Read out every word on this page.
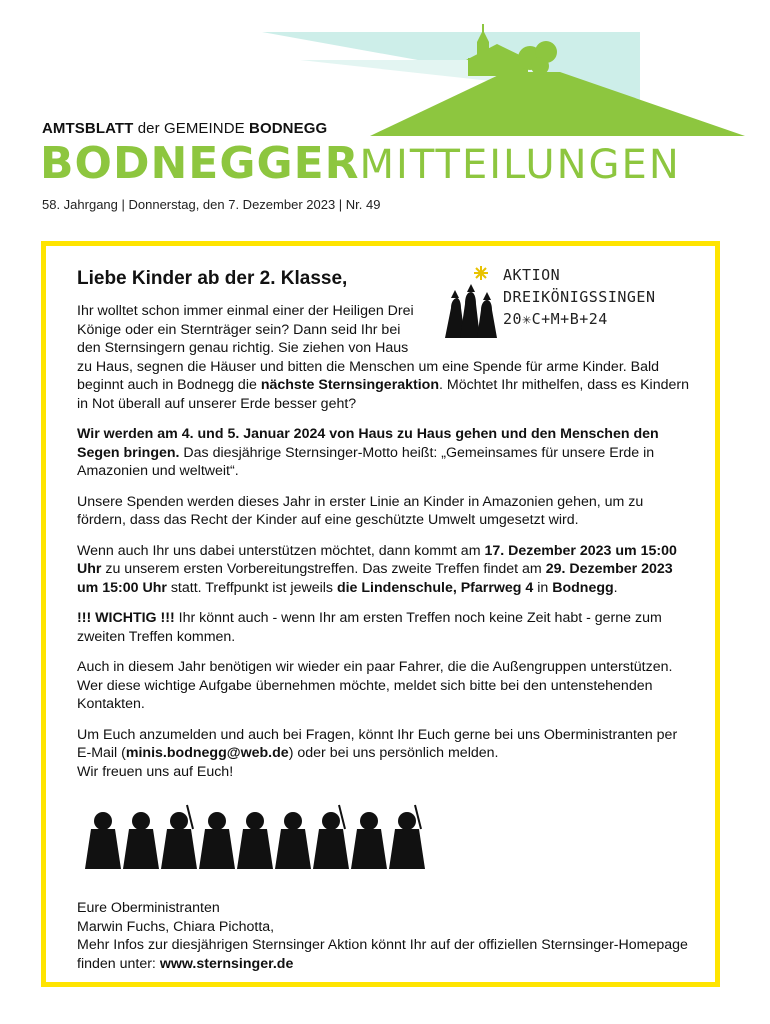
AMTSBLATT der GEMEINDE BODNEGG
BODNEGGERMITTEILUNGEN
58. Jahrgang | Donnerstag, den 7. Dezember 2023 | Nr. 49
AKTION
DREIKÖNIGSSINGEN
20✳C+M+B+24

Liebe Kinder ab der 2. Klasse,

Ihr wolltet schon immer einmal einer der Heiligen Drei Könige oder ein Sternträger sein? Dann seid Ihr bei den Sternsingern genau richtig. Sie ziehen von Haus zu Haus, segnen die Häuser und bitten die Menschen um eine Spende für arme Kinder. Bald beginnt auch in Bodnegg die nächste Sternsingeraktion. Möchtet Ihr mithelfen, dass es Kindern in Not überall auf unserer Erde besser geht?

Wir werden am 4. und 5. Januar 2024 von Haus zu Haus gehen und den Menschen den Segen bringen. Das diesjährige Sternsinger-Motto heißt: „Gemeinsames für unsere Erde in Amazonien und weltweit“.

Unsere Spenden werden dieses Jahr in erster Linie an Kinder in Amazonien gehen, um zu fördern, dass das Recht der Kinder auf eine geschützte Umwelt umgesetzt wird.

Wenn auch Ihr uns dabei unterstützen möchtet, dann kommt am 17. Dezember 2023 um 15:00 Uhr zu unserem ersten Vorbereitungstreffen. Das zweite Treffen findet am 29. Dezember 2023 um 15:00 Uhr statt. Treffpunkt ist jeweils die Lindenschule, Pfarrweg 4 in Bodnegg.

!!! WICHTIG !!! Ihr könnt auch - wenn Ihr am ersten Treffen noch keine Zeit habt - gerne zum zweiten Treffen kommen.

Auch in diesem Jahr benötigen wir wieder ein paar Fahrer, die die Außengruppen unterstützen. Wer diese wichtige Aufgabe übernehmen möchte, meldet sich bitte bei den untenstehenden Kontakten.

Um Euch anzumelden und auch bei Fragen, könnt Ihr Euch gerne bei uns Oberministranten per E-Mail (minis.bodnegg@web.de) oder bei uns persönlich melden.
Wir freuen uns auf Euch!

Eure Oberministranten

Marwin Fuchs, Chiara Pichotta,

Mehr Infos zur diesjährigen Sternsinger Aktion könnt Ihr auf der offiziellen Sternsinger-Homepage finden unter: www.sternsinger.de
